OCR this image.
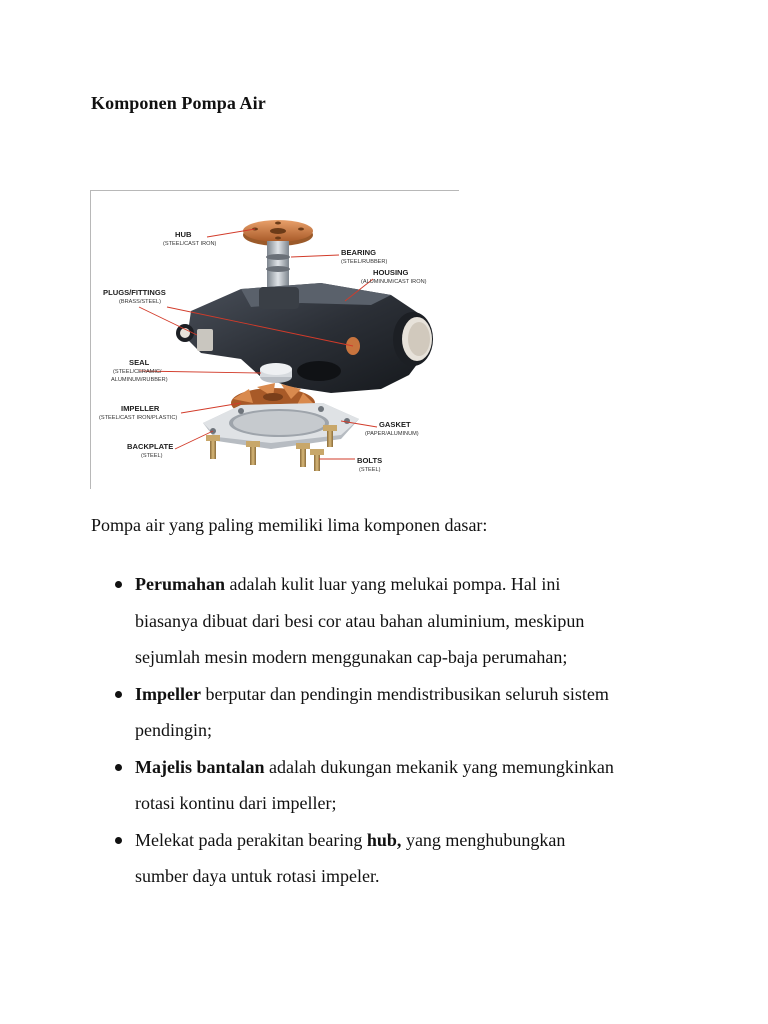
Komponen Pompa Air
HUB
(STEEL/CAST IRON)
BEARING
(STEEL/RUBBER)
HOUSING
(ALUMINUM/CAST IRON)
PLUGS/FITTINGS
(BRASS/STEEL)
SEAL
(STEEL/CERAMIC/
ALUMINUM/RUBBER)
IMPELLER
(STEEL/CAST IRON/PLASTIC)
GASKET
(PAPER/ALUMINUM)
BACKPLATE
(STEEL)	BOLTS
(STEEL)

Pompa air yang paling memiliki lima komponen dasar:

Perumahan adalah kulit luar yang melukai pompa. Hal ini
biasanya dibuat dari besi cor atau bahan aluminium, meskipun
sejumlah mesin modern menggunakan cap-baja perumahan;
Impeller berputar dan pendingin mendistribusikan seluruh sistem
pendingin;
Majelis bantalan adalah dukungan mekanik yang memungkinkan
rotasi kontinu dari impeller;
Melekat pada perakitan bearing hub, yang menghubungkan
sumber daya untuk rotasi impeler.
